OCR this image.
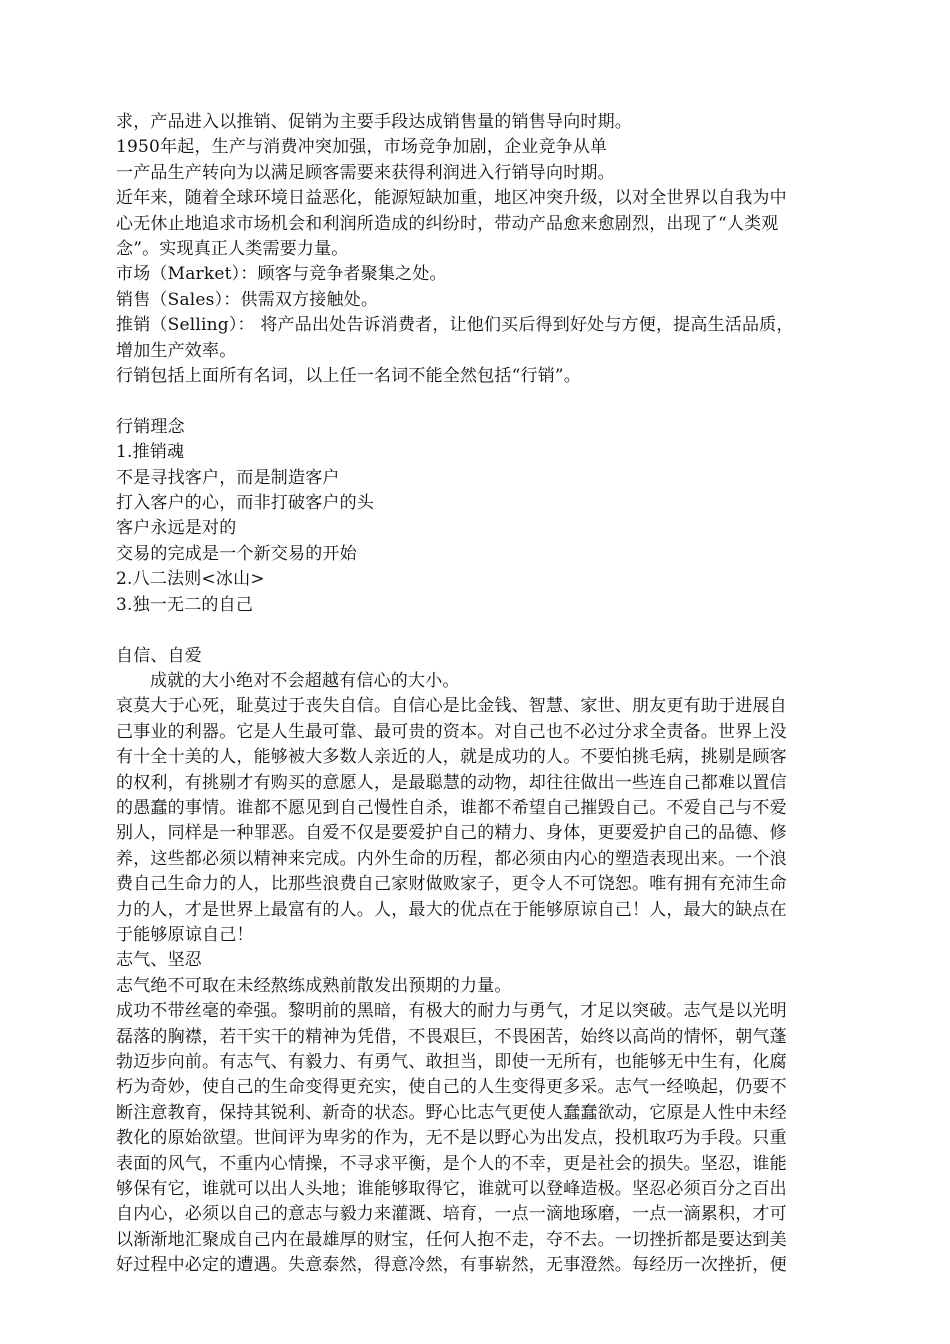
求，产品进入以推销、促销为主要手段达成销售量的销售导向时期。

1950年起，生产与消费冲突加强，市场竞争加剧，企业竞争从单

一产品生产转向为以满足顾客需要来获得利润进入行销导向时期。

近年来，随着全球环境日益恶化，能源短缺加重，地区冲突升级，以对全世界以自我为中

心无休止地追求市场机会和利润所造成的纠纷时，带动产品愈来愈剧烈，出现了“人类观

念”。实现真正人类需要力量。

市场（Market）：顾客与竞争者聚集之处。

销售（Sales）：供需双方接触处。

推销（Selling）： 将产品出处告诉消费者，让他们买后得到好处与方便，提高生活品质，

增加生产效率。

行销包括上面所有名词，以上任一名词不能全然包括“行销”。

行销理念

1.推销魂

不是寻找客户，而是制造客户

打入客户的心，而非打破客户的头

客户永远是对的

交易的完成是一个新交易的开始

2.八二法则<冰山>

3.独一无二的自己

自信、自爱

成就的大小绝对不会超越有信心的大小。

哀莫大于心死，耻莫过于丧失自信。自信心是比金钱、智慧、家世、朋友更有助于进展自

己事业的利器。它是人生最可靠、最可贵的资本。对自己也不必过分求全责备。世界上没

有十全十美的人，能够被大多数人亲近的人，就是成功的人。不要怕挑毛病，挑剔是顾客

的权利，有挑剔才有购买的意愿人，是最聪慧的动物，却往往做出一些连自己都难以置信

的愚蠢的事情。谁都不愿见到自己慢性自杀，谁都不希望自己摧毁自己。不爱自己与不爱

别人，同样是一种罪恶。自爱不仅是要爱护自己的精力、身体，更要爱护自己的品德、修

养，这些都必须以精神来完成。内外生命的历程，都必须由内心的塑造表现出来。一个浪

费自己生命力的人，比那些浪费自己家财做败家子，更令人不可饶恕。唯有拥有充沛生命

力的人，才是世界上最富有的人。人，最大的优点在于能够原谅自己！人，最大的缺点在

于能够原谅自己！

志气、坚忍

志气绝不可取在未经熬练成熟前散发出预期的力量。

成功不带丝毫的牵强。黎明前的黑暗，有极大的耐力与勇气，才足以突破。志气是以光明

磊落的胸襟，若干实干的精神为凭借，不畏艰巨，不畏困苦，始终以高尚的情怀，朝气蓬

勃迈步向前。有志气、有毅力、有勇气、敢担当，即使一无所有，也能够无中生有，化腐

朽为奇妙，使自己的生命变得更充实，使自己的人生变得更多采。志气一经唤起，仍要不

断注意教育，保持其锐利、新奇的状态。野心比志气更使人蠢蠢欲动，它原是人性中未经

教化的原始欲望。世间评为卑劣的作为，无不是以野心为出发点，投机取巧为手段。只重

表面的风气，不重内心情操，不寻求平衡，是个人的不幸，更是社会的损失。坚忍，谁能

够保有它，谁就可以出人头地；谁能够取得它，谁就可以登峰造极。坚忍必须百分之百出

自内心，必须以自己的意志与毅力来灌溉、培育，一点一滴地琢磨，一点一滴累积，才可

以渐渐地汇聚成自己内在最雄厚的财宝，任何人抱不走，夺不去。一切挫折都是要达到美

好过程中必定的遭遇。失意泰然，得意冷然，有事崭然，无事澄然。每经历一次挫折，便
